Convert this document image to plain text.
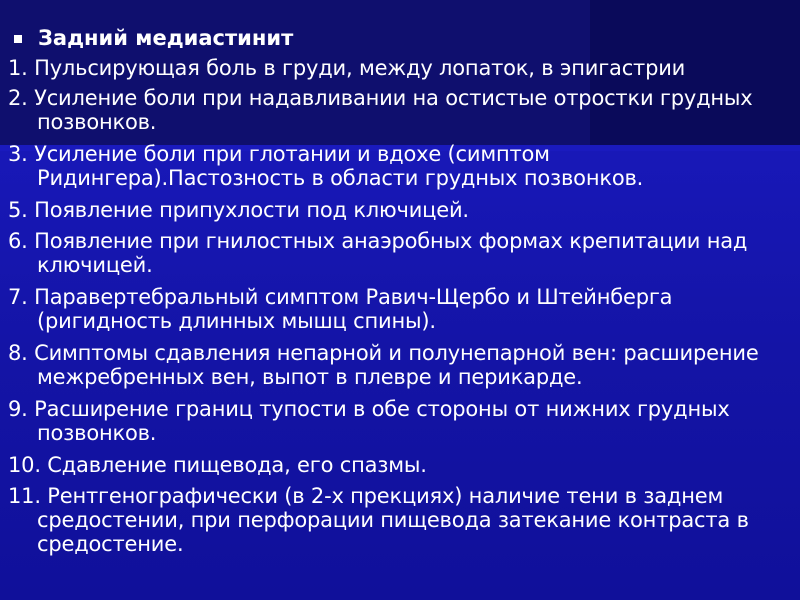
Задний медиастинит
1. Пульсирующая боль в груди, между лопаток, в эпигастрии
2. Усиление боли при надавливании на остистые отростки грудных позвонков.
3. Усиление боли при глотании и вдохе (симптом Ридингера).Пастозность в области грудных позвонков.
5. Появление припухлости под ключицей.
6. Появление при гнилостных анаэробных формах крепитации над ключицей.
7. Паравертебральный симптом Равич-Щербо и Штейнберга (ригидность длинных мышц спины).
8. Симптомы сдавления непарной и полунепарной вен: расширение межребренных вен, выпот в плевре и перикарде.
9. Расширение границ тупости в обе стороны от нижних грудных позвонков.
10. Сдавление пищевода, его спазмы.
11. Рентгенографически (в 2-х прекциях) наличие тени в заднем средостении, при перфорации пищевода затекание контраста в средостение.
